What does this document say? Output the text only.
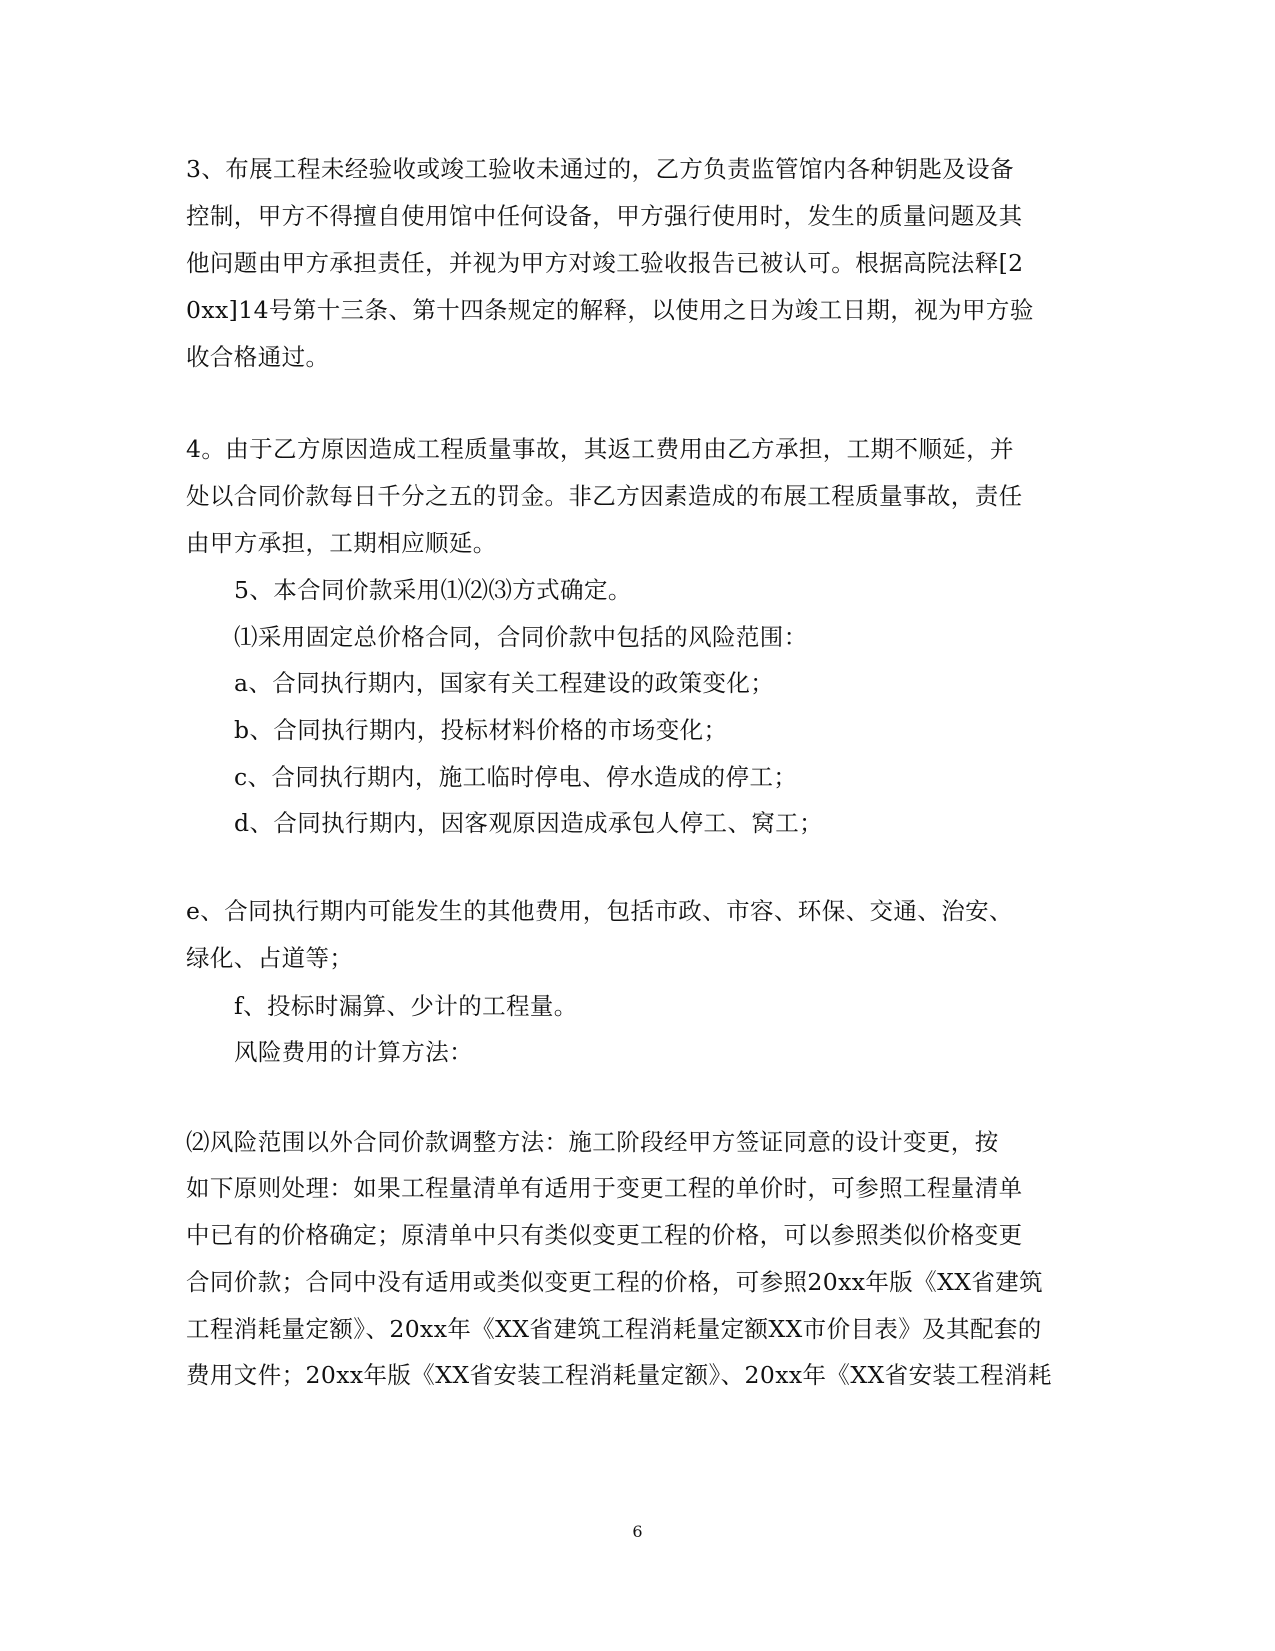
3、布展工程未经验收或竣工验收未通过的，乙方负责监管馆内各种钥匙及设备
控制，甲方不得擅自使用馆中任何设备，甲方强行使用时，发生的质量问题及其
他问题由甲方承担责任，并视为甲方对竣工验收报告已被认可。根据高院法释[2
0xx]14号第十三条、第十四条规定的解释，以使用之日为竣工日期，视为甲方验
收合格通过。
4。由于乙方原因造成工程质量事故，其返工费用由乙方承担，工期不顺延，并
处以合同价款每日千分之五的罚金。非乙方因素造成的布展工程质量事故，责任
由甲方承担，工期相应顺延。
5、本合同价款采用⑴⑵⑶方式确定。
⑴采用固定总价格合同，合同价款中包括的风险范围：
a、合同执行期内，国家有关工程建设的政策变化；
b、合同执行期内，投标材料价格的市场变化；
c、合同执行期内，施工临时停电、停水造成的停工；
d、合同执行期内，因客观原因造成承包人停工、窝工；
e、合同执行期内可能发生的其他费用，包括市政、市容、环保、交通、治安、
绿化、占道等；
f、投标时漏算、少计的工程量。
风险费用的计算方法：
⑵风险范围以外合同价款调整方法：施工阶段经甲方签证同意的设计变更，按
如下原则处理：如果工程量清单有适用于变更工程的单价时，可参照工程量清单
中已有的价格确定；原清单中只有类似变更工程的价格，可以参照类似价格变更
合同价款；合同中没有适用或类似变更工程的价格，可参照20xx年版《XX省建筑
工程消耗量定额》、20xx年《XX省建筑工程消耗量定额XX市价目表》及其配套的
费用文件；20xx年版《XX省安装工程消耗量定额》、20xx年《XX省安装工程消耗
6
